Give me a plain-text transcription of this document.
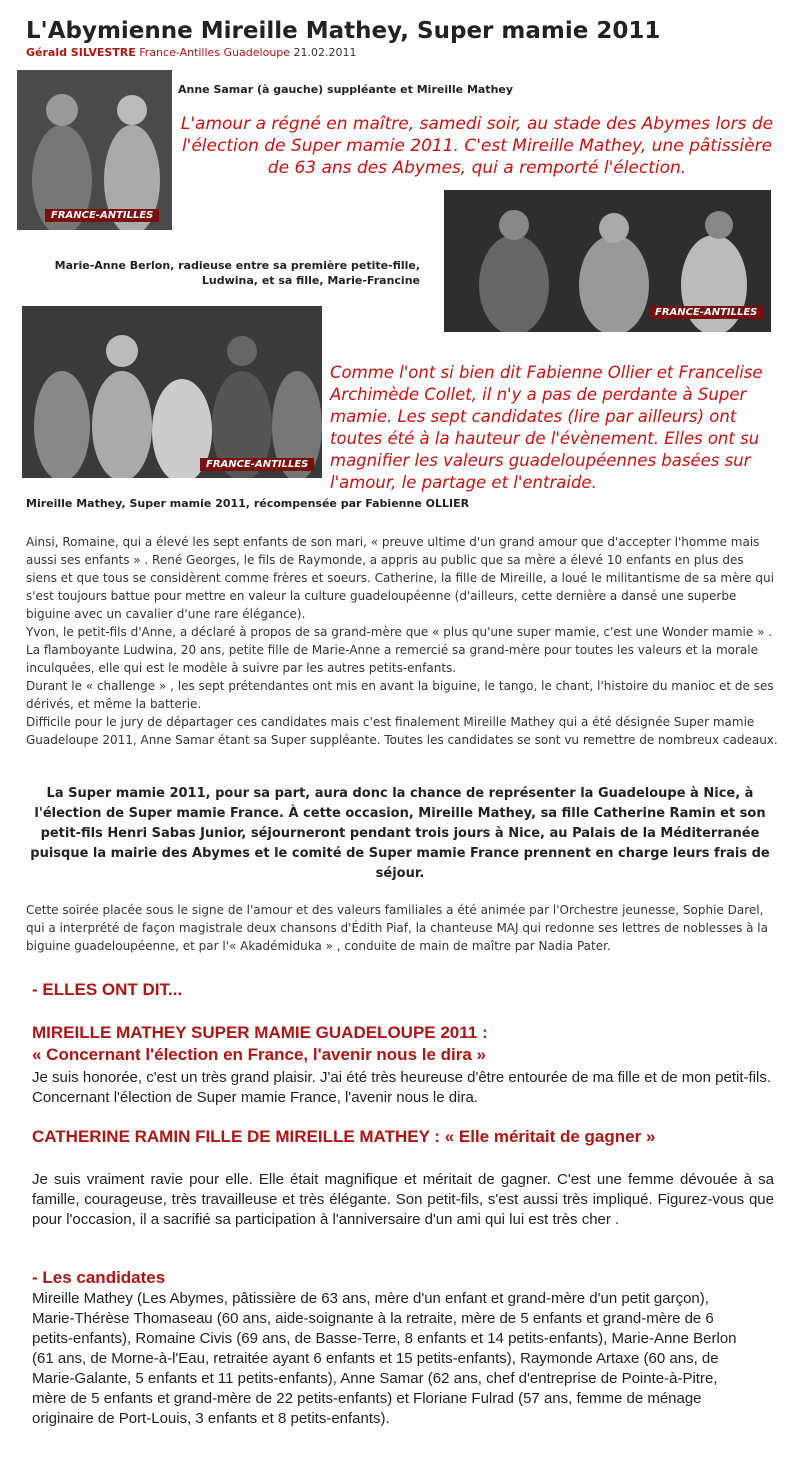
L'Abymienne Mireille Mathey, Super mamie 2011
Gérald SILVESTRE France-Antilles Guadeloupe 21.02.2011
FRANCE-ANTILLES
Anne Samar (à gauche) suppléante et Mireille Mathey
L'amour a régné en maître, samedi soir, au stade des Abymes lors de l'élection de Super mamie 2011. C'est Mireille Mathey, une pâtissière de 63 ans des Abymes, qui a remporté l'élection.
FRANCE-ANTILLES
Marie-Anne Berlon, radieuse entre sa première petite-fille,
Ludwina, et sa fille, Marie-Francine
FRANCE-ANTILLES
Comme l'ont si bien dit Fabienne Ollier et Francelise Archimède Collet, il n'y a pas de perdante à Super mamie. Les sept candidates (lire par ailleurs) ont toutes été à la hauteur de l'évènement. Elles ont su magnifier les valeurs guadeloupéennes basées sur l'amour, le partage et l'entraide.
Mireille Mathey, Super mamie 2011, récompensée par Fabienne OLLIER
Ainsi, Romaine, qui a élevé les sept enfants de son mari, « preuve ultime d'un grand amour que d'accepter l'homme mais aussi ses enfants » . René Georges, le fils de Raymonde, a appris au public que sa mère a élevé 10 enfants en plus des siens et que tous se considèrent comme frères et soeurs. Catherine, la fille de Mireille, a loué le militantisme de sa mère qui s'est toujours battue pour mettre en valeur la culture guadeloupéenne (d'ailleurs, cette dernière a dansé une superbe biguine avec un cavalier d'une rare élégance).
Yvon, le petit-fils d'Anne, a déclaré à propos de sa grand-mère que « plus qu'une super mamie, c'est une Wonder mamie » . La flamboyante Ludwina, 20 ans, petite fille de Marie-Anne a remercié sa grand-mère pour toutes les valeurs et la morale inculquées, elle qui est le modèle à suivre par les autres petits-enfants.
Durant le « challenge » , les sept prétendantes ont mis en avant la biguine, le tango, le chant, l'histoire du manioc et de ses dérivés, et même la batterie.
Difficile pour le jury de départager ces candidates mais c'est finalement Mireille Mathey qui a été désignée Super mamie Guadeloupe 2011, Anne Samar étant sa Super suppléante. Toutes les candidates se sont vu remettre de nombreux cadeaux.
La Super mamie 2011, pour sa part, aura donc la chance de représenter la Guadeloupe à Nice, à l'élection de Super mamie France. À cette occasion, Mireille Mathey, sa fille Catherine Ramin et son petit-fils Henri Sabas Junior, séjourneront pendant trois jours à Nice, au Palais de la Méditerranée puisque la mairie des Abymes et le comité de Super mamie France prennent en charge leurs frais de séjour.
Cette soirée placée sous le signe de l'amour et des valeurs familiales a été animée par l'Orchestre jeunesse, Sophie Darel, qui a interprété de façon magistrale deux chansons d'Édith Piaf, la chanteuse MAJ qui redonne ses lettres de noblesses à la biguine guadeloupéenne, et par l'« Akadémiduka » , conduite de main de maître par Nadia Pater.
- ELLES ONT DIT...
MIREILLE MATHEY SUPER MAMIE GUADELOUPE 2011 :
« Concernant l'élection en France, l'avenir nous le dira »
Je suis honorée, c'est un très grand plaisir. J'ai été très heureuse d'être entourée de ma fille et de mon petit-fils. Concernant l'élection de Super mamie France, l'avenir nous le dira.
CATHERINE RAMIN FILLE DE MIREILLE MATHEY : « Elle méritait de gagner »
Je suis vraiment ravie pour elle. Elle était magnifique et méritait de gagner. C'est une femme dévouée à sa famille, courageuse, très travailleuse et très élégante. Son petit-fils, s'est aussi très impliqué. Figurez-vous que pour l'occasion, il a sacrifié sa participation à l'anniversaire d'un ami qui lui est très cher .
- Les candidates
Mireille Mathey (Les Abymes, pâtissière de 63 ans, mère d'un enfant et grand-mère d'un petit garçon), Marie-Thérèse Thomaseau (60 ans, aide-soignante à la retraite, mère de 5 enfants et grand-mère de 6 petits-enfants), Romaine Civis (69 ans, de Basse-Terre, 8 enfants et 14 petits-enfants), Marie-Anne Berlon (61 ans, de Morne-à-l'Eau, retraitée ayant 6 enfants et 15 petits-enfants), Raymonde Artaxe (60 ans, de Marie-Galante, 5 enfants et 11 petits-enfants), Anne Samar (62 ans, chef d'entreprise de Pointe-à-Pitre, mère de 5 enfants et grand-mère de 22 petits-enfants) et Floriane Fulrad (57 ans, femme de ménage originaire de Port-Louis, 3 enfants et 8 petits-enfants).
